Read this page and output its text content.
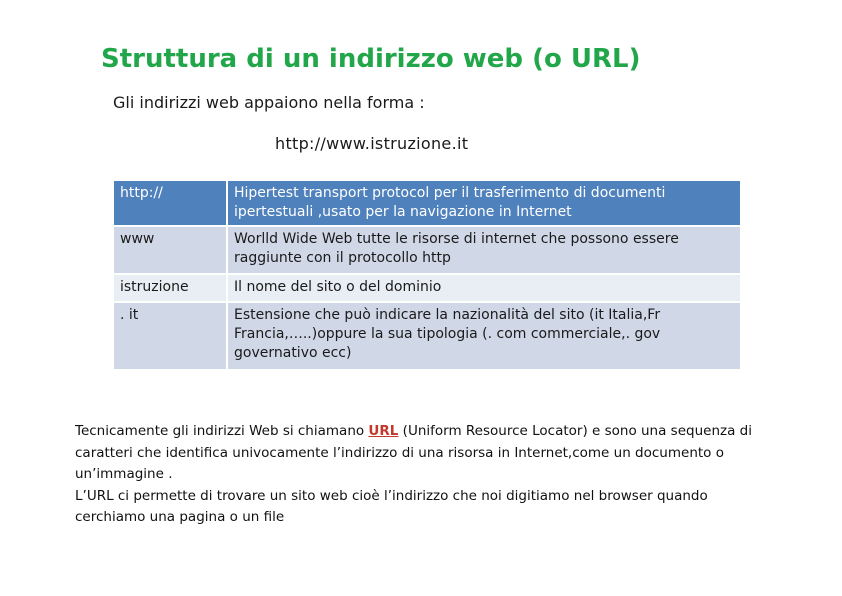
Struttura di un indirizzo web (o URL)
Gli indirizzi web appaiono nella forma :
http://www.istruzione.it
http://	Hipertest transport protocol per il trasferimento di documenti ipertestuali ,usato per la navigazione in Internet
www	Worlld Wide Web tutte le risorse di internet che possono essere raggiunte con il protocollo http
istruzione	Il nome del sito o del dominio
. it	Estensione che può indicare la nazionalità del sito (it Italia,Fr Francia,…..)oppure la sua tipologia (. com commerciale,. gov governativo ecc)

Tecnicamente gli indirizzi Web si chiamano URL (Uniform Resource Locator) e sono una sequenza di caratteri che identifica univocamente l’indirizzo di una risorsa in Internet,come un documento o un’immagine .

L’URL ci permette di trovare un sito web cioè l’indirizzo che noi digitiamo nel browser quando cerchiamo una pagina o un file
